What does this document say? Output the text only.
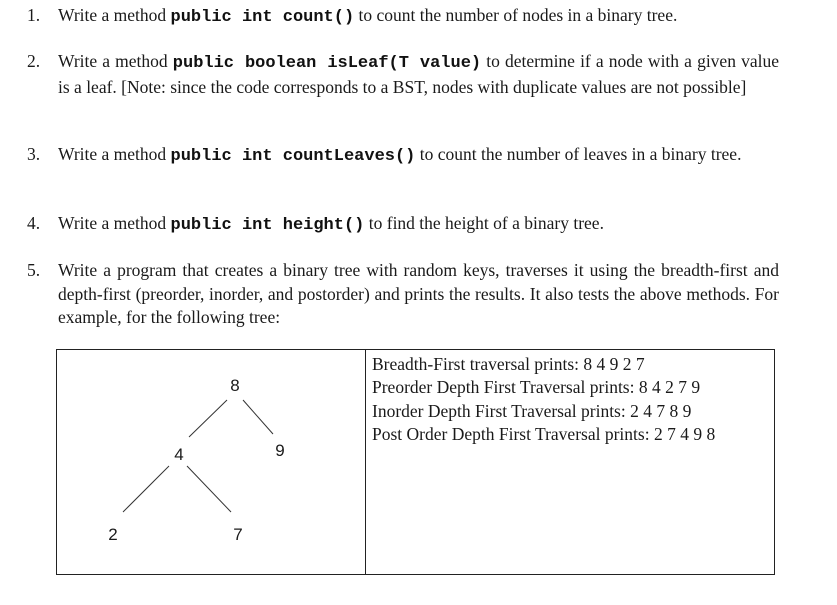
1. Write a method public int count() to count the number of nodes in a binary tree.
2. Write a method public boolean isLeaf(T value) to determine if a node with a given value is a leaf. [Note: since the code corresponds to a BST, nodes with duplicate values are not possible]
3. Write a method public int countLeaves() to count the number of leaves in a binary tree.
4. Write a method public int height() to find the height of a binary tree.
5. Write a program that creates a binary tree with random keys, traverses it using the breadth-first and depth-first (preorder, inorder, and postorder) and prints the results. It also tests the above methods. For example, for the following tree:
8
4	9
2	7
Breadth-First traversal prints: 8 4 9 2 7
Preorder Depth First Traversal prints: 8 4 2 7 9
Inorder Depth First Traversal prints: 2 4 7 8 9
Post Order Depth First Traversal prints: 2 7 4 9 8
